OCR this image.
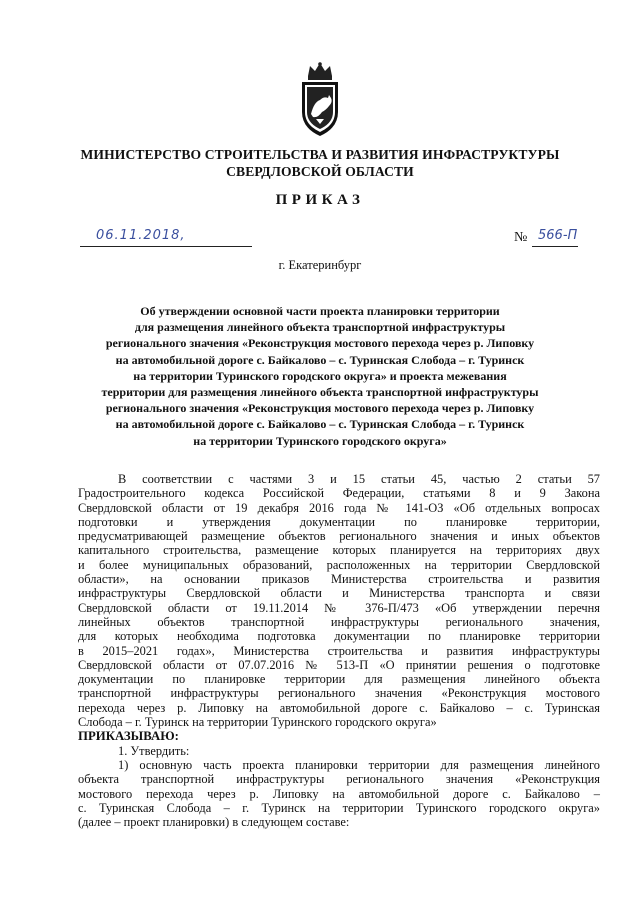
МИНИСТЕРСТВО СТРОИТЕЛЬСТВА И РАЗВИТИЯ ИНФРАСТРУКТУРЫ
СВЕРДЛОВСКОЙ ОБЛАСТИ
ПРИКАЗ
06.11.2018,	№ 566-П
г. Екатеринбург
Об утверждении основной части проекта планировки территории
для размещения линейного объекта транспортной инфраструктуры
регионального значения «Реконструкция мостового перехода через р. Липовку
на автомобильной дороге с. Байкалово – с. Туринская Слобода – г. Туринск
на территории Туринского городского округа» и проекта межевания
территории для размещения линейного объекта транспортной инфраструктуры
регионального значения «Реконструкция мостового перехода через р. Липовку
на автомобильной дороге с. Байкалово – с. Туринская Слобода – г. Туринск
на территории Туринского городского округа»
В соответствии с частями 3 и 15 статьи 45, частью 2 статьи 57
Градостроительного кодекса Российской Федерации, статьями 8 и 9 Закона
Свердловской области от 19 декабря 2016 года № 141-ОЗ «Об отдельных вопросах
подготовки и утверждения документации по планировке территории,
предусматривающей размещение объектов регионального значения и иных объектов
капитального строительства, размещение которых планируется на территориях двух
и более муниципальных образований, расположенных на территории Свердловской
области», на основании приказов Министерства строительства и развития
инфраструктуры Свердловской области и Министерства транспорта и связи
Свердловской области от 19.11.2014 № 376-П/473 «Об утверждении перечня
линейных объектов транспортной инфраструктуры регионального значения,
для которых необходима подготовка документации по планировке территории
в 2015–2021 годах», Министерства строительства и развития инфраструктуры
Свердловской области от 07.07.2016 № 513-П «О принятии решения о подготовке
документации по планировке территории для размещения линейного объекта
транспортной инфраструктуры регионального значения «Реконструкция мостового
перехода через р. Липовку на автомобильной дороге с. Байкалово – с. Туринская
Слобода – г. Туринск на территории Туринского городского округа»
ПРИКАЗЫВАЮ:
1. Утвердить:
1) основную часть проекта планировки территории для размещения линейного
объекта транспортной инфраструктуры регионального значения «Реконструкция
мостового перехода через р. Липовку на автомобильной дороге с. Байкалово –
с. Туринская Слобода – г. Туринск на территории Туринского городского округа»
(далее – проект планировки) в следующем составе:
